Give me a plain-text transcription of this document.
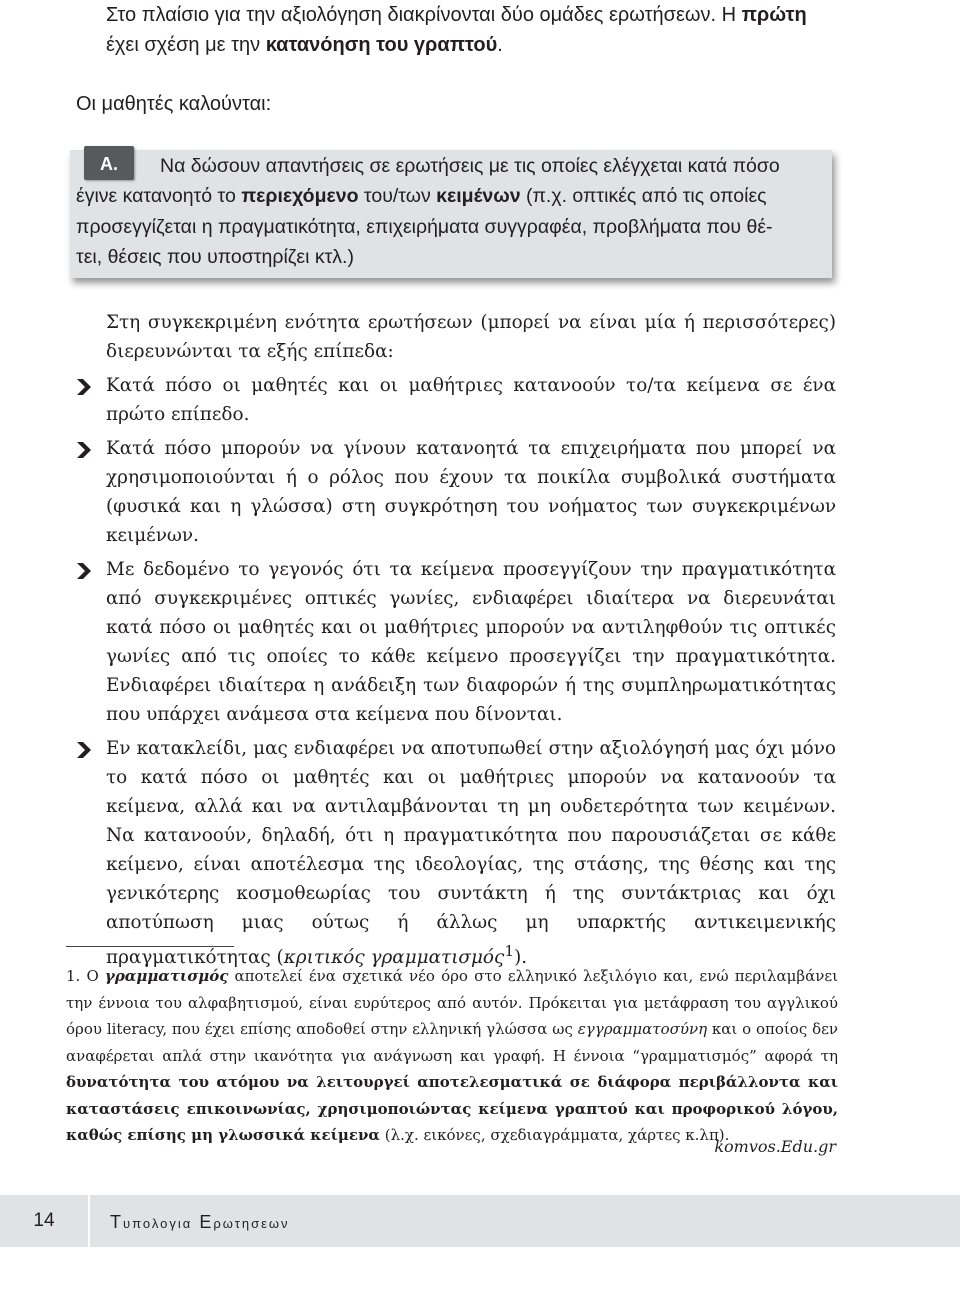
Στο πλαίσιο για την αξιολόγηση διακρίνονται δύο ομάδες ερωτήσεων. Η πρώτη
έχει σχέση με την κατανόηση του γραπτού.
Οι μαθητές καλούνται:
Α.	Να δώσουν απαντήσεις σε ερωτήσεις με τις οποίες ελέγχεται κατά πόσο
έγινε κατανοητό το περιεχόμενο του/των κειμένων (π.χ. οπτικές από τις οποίες
προσεγγίζεται η πραγματικότητα, επιχειρήματα συγγραφέα, προβλήματα που θέ-
τει, θέσεις που υποστηρίζει κτλ.)

Στη συγκεκριμένη ενότητα ερωτήσεων (μπορεί να είναι μία ή περισσότερες) διερευνώνται τα εξής επίπεδα:

Κατά πόσο οι μαθητές και οι μαθήτριες κατανοούν το/τα κείμενα σε ένα πρώτο επίπεδο.

Κατά πόσο μπορούν να γίνουν κατανοητά τα επιχειρήματα που μπορεί να χρησιμοποιούνται ή ο ρόλος που έχουν τα ποικίλα συμβολικά συστήματα (φυσικά και η γλώσσα) στη συγκρότηση του νοήματος των συγκεκριμένων κειμένων.

Με δεδομένο το γεγονός ότι τα κείμενα προσεγγίζουν την πραγματικότητα από συγκεκριμένες οπτικές γωνίες, ενδιαφέρει ιδιαίτερα να διερευνάται κατά πόσο οι μαθητές και οι μαθήτριες μπορούν να αντιληφθούν τις οπτικές γωνίες από τις οποίες το κάθε κείμενο προσεγγίζει την πραγματικότητα. Ενδιαφέρει ιδιαίτερα η ανάδειξη των διαφορών ή της συμπληρωματικότητας που υπάρχει ανάμεσα στα κείμενα που δίνονται.

Εν κατακλείδι, μας ενδιαφέρει να αποτυπωθεί στην αξιολόγησή μας όχι μόνο το κατά πόσο οι μαθητές και οι μαθήτριες μπορούν να κατανοούν τα κείμενα, αλλά και να αντιλαμβάνονται τη μη ουδετερότητα των κειμένων. Να κατανοούν, δηλαδή, ότι η πραγματικότητα που παρουσιάζεται σε κάθε κείμενο, είναι αποτέλεσμα της ιδεολογίας, της στάσης, της θέσης και της γενικότερης κοσμοθεωρίας του συντάκτη ή της συντάκτριας και όχι αποτύπωση μιας ούτως ή άλλως μη υπαρκτής αντικειμενικής πραγματικότητας (κριτικός γραμματισμός$^1$).

1. Ο γραμματισμός αποτελεί ένα σχετικά νέο όρο στο ελληνικό λεξιλόγιο και, ενώ περιλαμβάνει την έννοια του αλφαβητισμού, είναι ευρύτερος από αυτόν. Πρόκειται για μετάφραση του αγγλικού όρου literacy, που έχει επίσης αποδοθεί στην ελληνική γλώσσα ως εγγραμματοσύνη και ο οποίος δεν αναφέρεται απλά στην ικανότητα για ανάγνωση και γραφή. Η έννοια “γραμματισμός” αφορά τη δυνατότητα του ατόμου να λειτουργεί αποτελεσματικά σε διάφορα περιβάλλοντα και καταστάσεις επικοινωνίας, χρησιμοποιώντας κείμενα γραπτού και προφορικού λόγου, καθώς επίσης μη γλωσσικά κείμενα (λ.χ. εικόνες, σχεδιαγράμματα, χάρτες κ.λπ).
komvos.Edu.gr
14	Τυπολογια Ερωτησεων
